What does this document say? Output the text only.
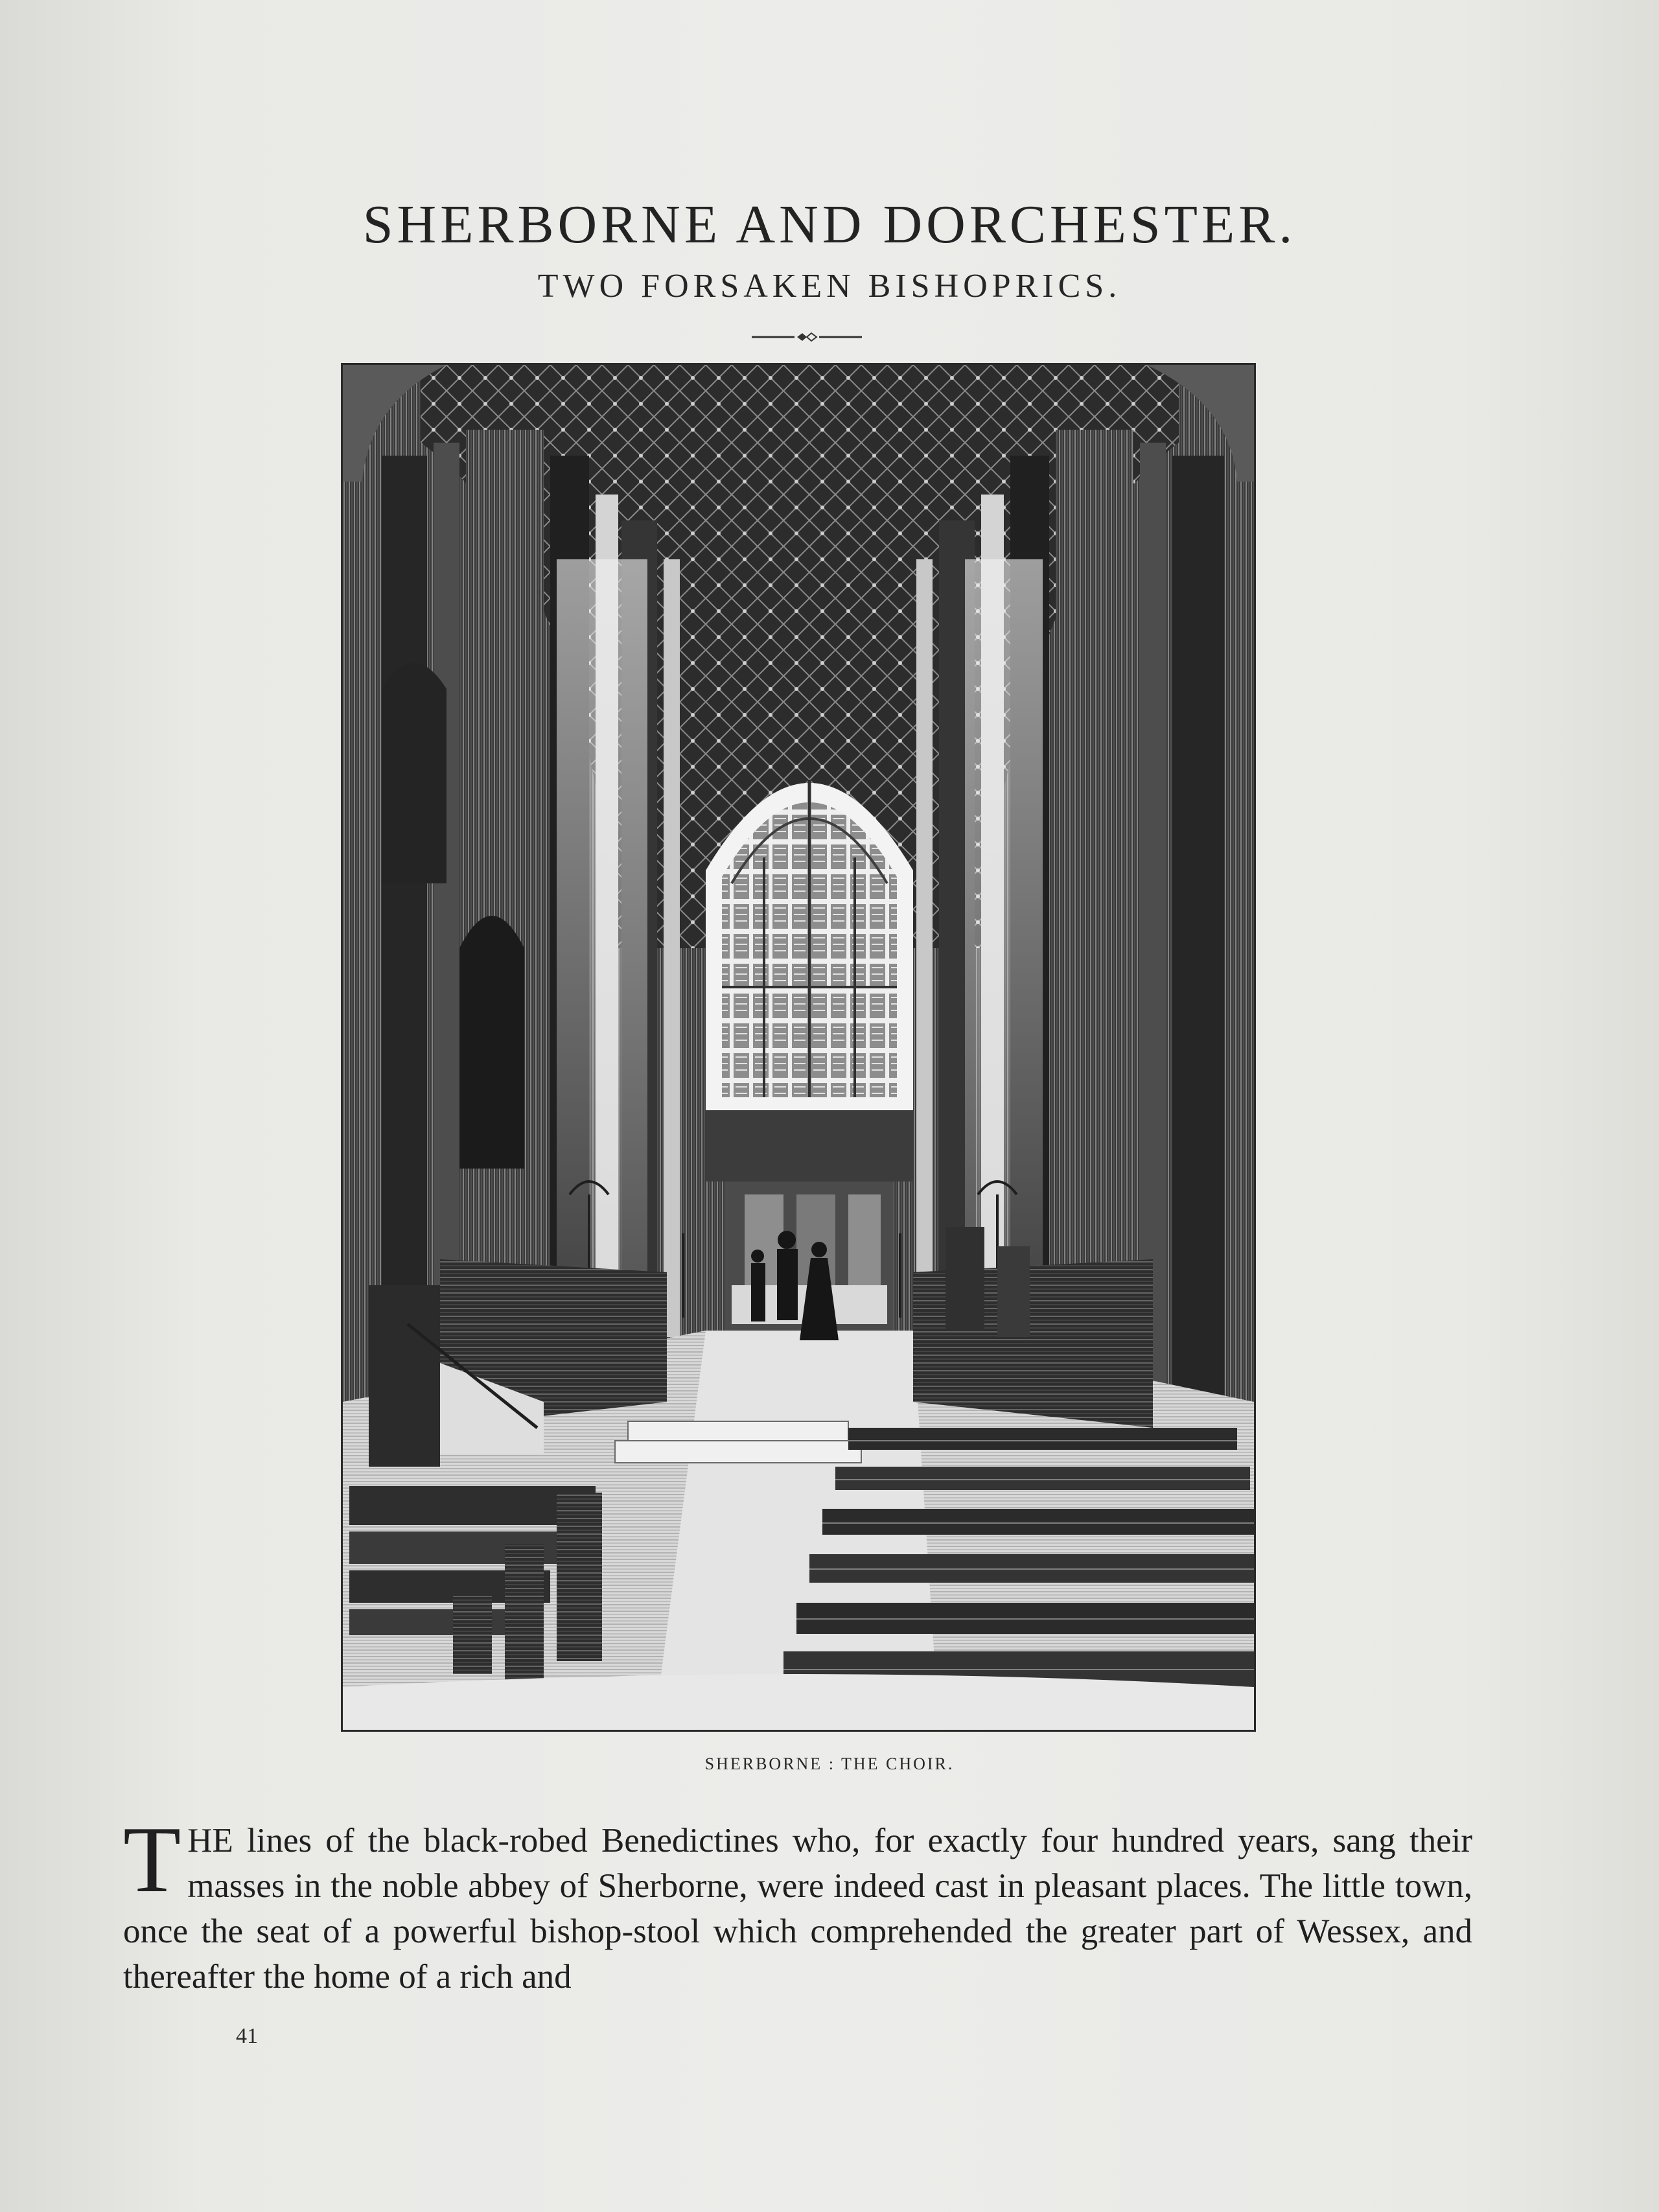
SHERBORNE AND DORCHESTER.
TWO FORSAKEN BISHOPRICS.

SHERBORNE : THE CHOIR.

THE lines of the black-robed Benedictines who, for exactly four hundred years, sang their masses in the noble abbey of Sherborne, were indeed cast in pleasant places. The little town, once the seat of a powerful bishop-stool which comprehended the greater part of Wessex, and thereafter the home of a rich and

41
